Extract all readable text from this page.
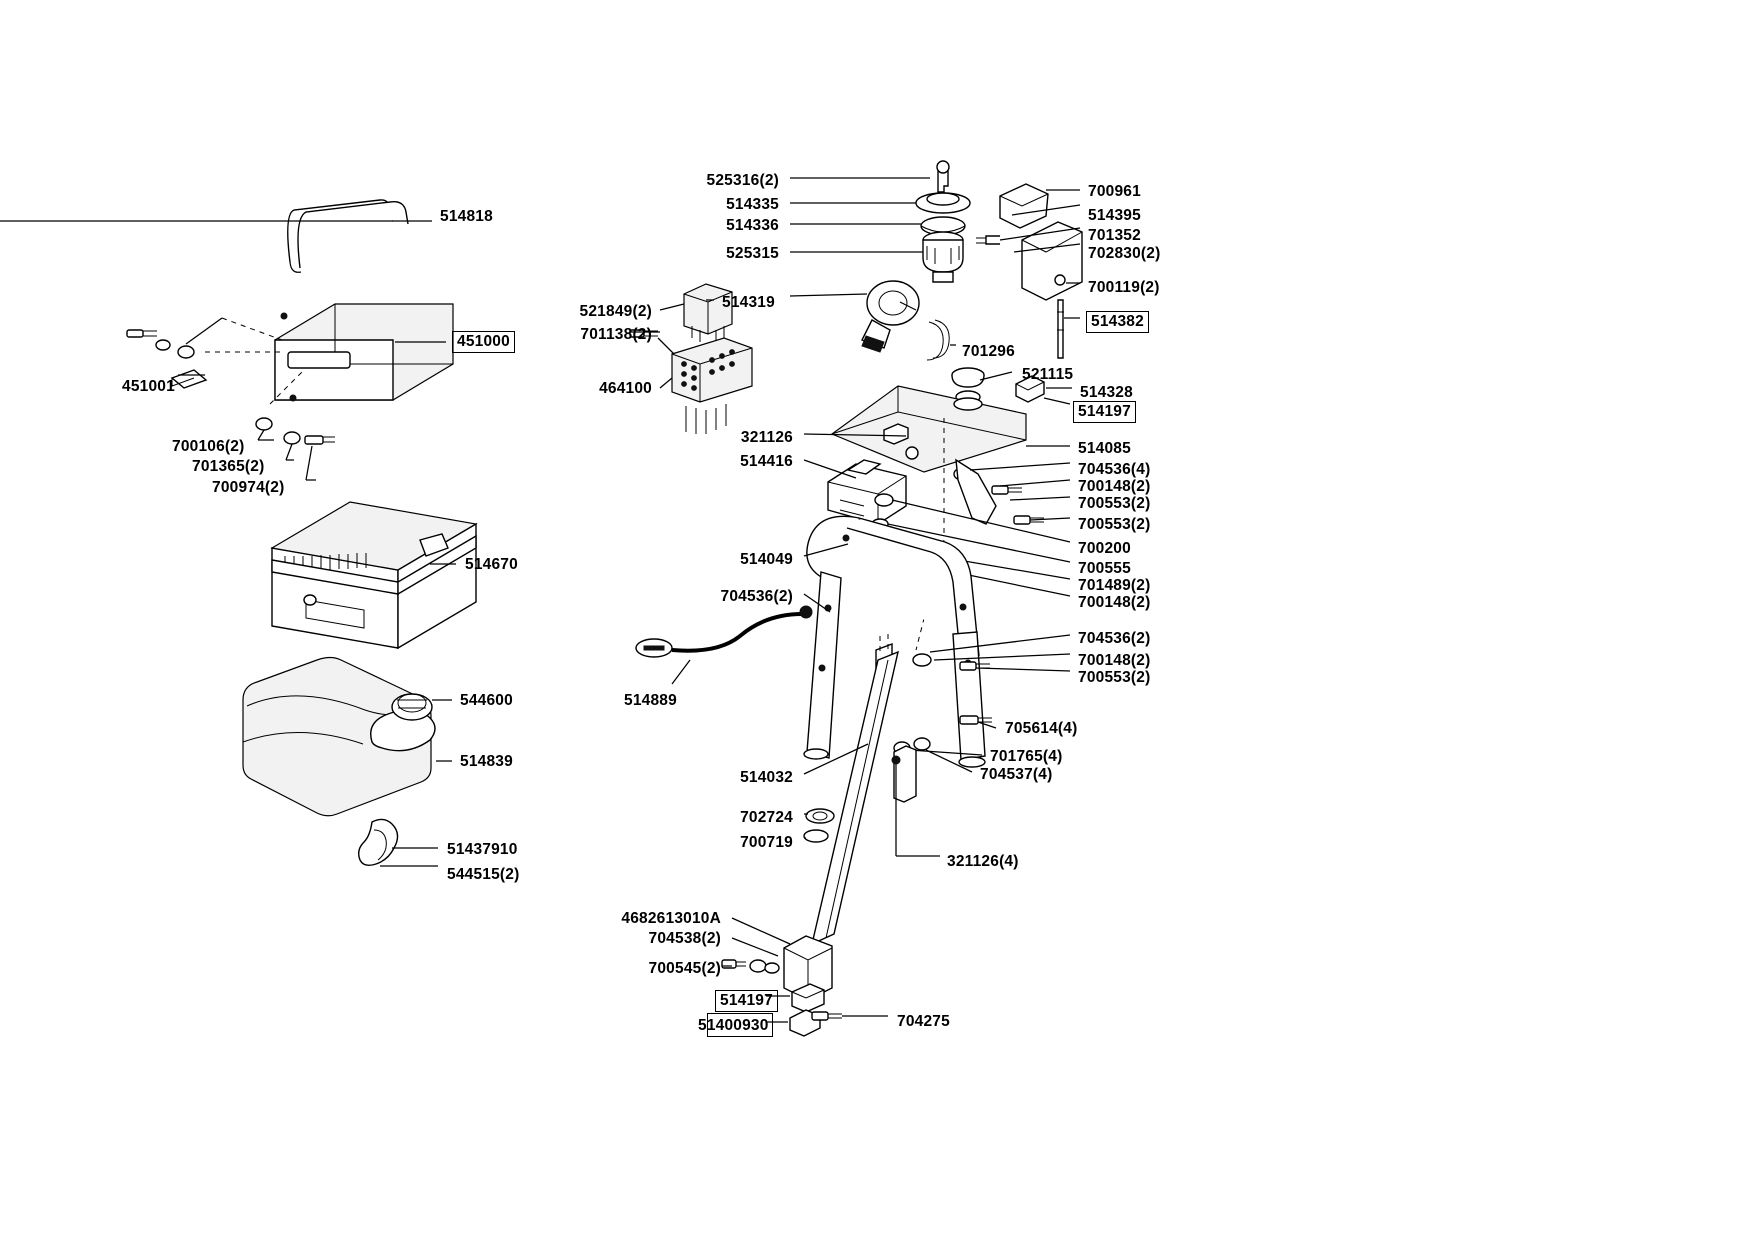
514818
451000
451001
700106(2)
701365(2)
700974(2)
514670
544600
514839
51437910
544515(2)
525316(2)
514335
514336
525315
700961
514395
701352
702830(2)
700119(2)
514382
521849(2)
701138(2)
514319
701296
464100
521115
514328
514197
321126
514416
514085
704536(4)
700148(2)
700553(2)
700553(2)
700200
700555
701489(2)
700148(2)
514049
704536(2)
704536(2)
700148(2)
700553(2)
514889
705614(4)
701765(4)
704537(4)
514032
702724
700719
321126(4)
4682613010A
704538(2)
700545(2)
514197
51400930	704275
